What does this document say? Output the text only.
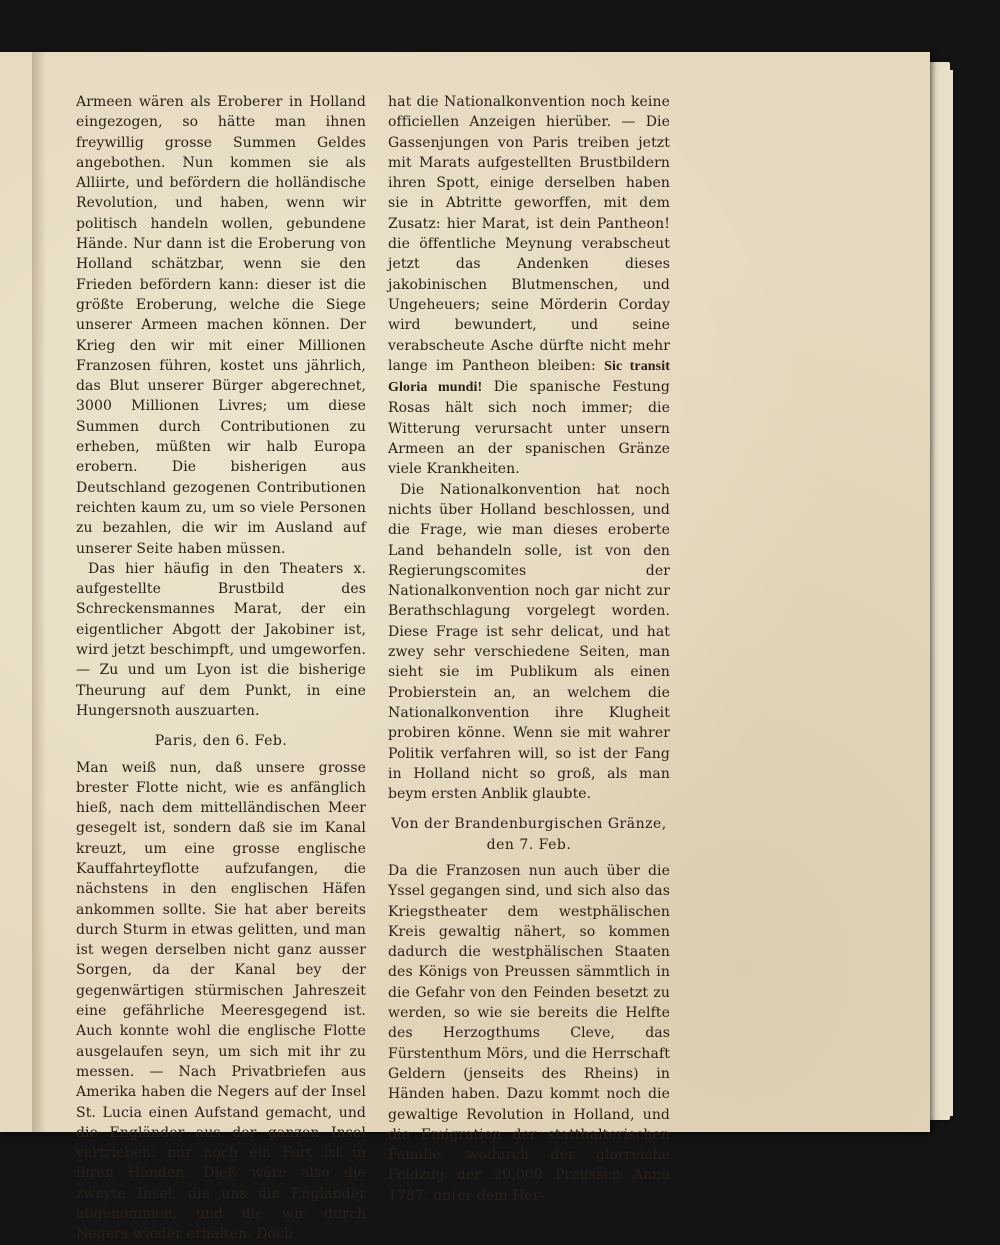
Armeen wären als Eroberer in Holland eingezogen, so hätte man ihnen freywillig grosse Summen Geldes angebothen. Nun kommen sie als Alliirte, und befördern die holländische Revolution, und haben, wenn wir politisch handeln wollen, gebundene Hände. Nur dann ist die Eroberung von Holland schätzbar, wenn sie den Frieden befördern kann: dieser ist die größte Eroberung, welche die Siege unserer Armeen machen können. Der Krieg den wir mit einer Millionen Franzosen führen, kostet uns jährlich, das Blut unserer Bürger abgerechnet, 3000 Millionen Livres; um diese Summen durch Contributionen zu erheben, müßten wir halb Europa erobern. Die bisherigen aus Deutschland gezogenen Contributionen reichten kaum zu, um so viele Personen zu bezahlen, die wir im Ausland auf unserer Seite haben müssen.

Das hier häufig in den Theaters x. aufgestellte Brustbild des Schreckensmannes Marat, der ein eigentlicher Abgott der Jakobiner ist, wird jetzt beschimpft, und umgeworfen. — Zu und um Lyon ist die bisherige Theurung auf dem Punkt, in eine Hungersnoth auszuarten.

Paris, den 6. Feb.

Man weiß nun, daß unsere grosse brester Flotte nicht, wie es anfänglich hieß, nach dem mittelländischen Meer gesegelt ist, sondern daß sie im Kanal kreuzt, um eine grosse englische Kauffahrteyflotte aufzufangen, die nächstens in den englischen Häfen ankommen sollte. Sie hat aber bereits durch Sturm in etwas gelitten, und man ist wegen derselben nicht ganz ausser Sorgen, da der Kanal bey der gegenwärtigen stürmischen Jahreszeit eine gefährliche Meeresgegend ist. Auch konnte wohl die englische Flotte ausgelaufen seyn, um sich mit ihr zu messen. — Nach Privatbriefen aus Amerika haben die Negers auf der Insel St. Lucia einen Aufstand gemacht, und die Engländer aus der ganzen Insel vertrieben: nur noch ein Fort ist in ihren Händen. Dieß wäre also die zweyte Insel, die uns die Engländer abgenommen, und die wir durch Negers wieder erhalten. Doch

hat die Nationalkonvention noch keine officiellen Anzeigen hierüber. — Die Gassenjungen von Paris treiben jetzt mit Marats aufgestellten Brustbildern ihren Spott, einige derselben haben sie in Abtritte geworffen, mit dem Zusatz: hier Marat, ist dein Pantheon! die öffentliche Meynung verabscheut jetzt das Andenken dieses jakobinischen Blutmenschen, und Ungeheuers; seine Mörderin Corday wird bewundert, und seine verabscheute Asche dürfte nicht mehr lange im Pantheon bleiben: Sic transit Gloria mundi! Die spanische Festung Rosas hält sich noch immer; die Witterung verursacht unter unsern Armeen an der spanischen Gränze viele Krankheiten.

Die Nationalkonvention hat noch nichts über Holland beschlossen, und die Frage, wie man dieses eroberte Land behandeln solle, ist von den Regierungscomites der Nationalkonvention noch gar nicht zur Berathschlagung vorgelegt worden. Diese Frage ist sehr delicat, und hat zwey sehr verschiedene Seiten, man sieht sie im Publikum als einen Probierstein an, an welchem die Nationalkonvention ihre Klugheit probiren könne. Wenn sie mit wahrer Politik verfahren will, so ist der Fang in Holland nicht so groß, als man beym ersten Anblik glaubte.

Von der Brandenburgischen Gränze, den 7. Feb.

Da die Franzosen nun auch über die Yssel gegangen sind, und sich also das Kriegstheater dem westphälischen Kreis gewaltig nähert, so kommen dadurch die westphälischen Staaten des Königs von Preussen sämmtlich in die Gefahr von den Feinden besetzt zu werden, so wie sie bereits die Helfte des Herzogthums Cleve, das Fürstenthum Mörs, und die Herrschaft Geldern (jenseits des Rheins) in Händen haben. Dazu kommt noch die gewaltige Revolution in Holland, und die Emigration der statthalterischen Familie, wodurch der glorreiche Feldzug der 20,000 Preussen Anno 1787. unter dem Her-
